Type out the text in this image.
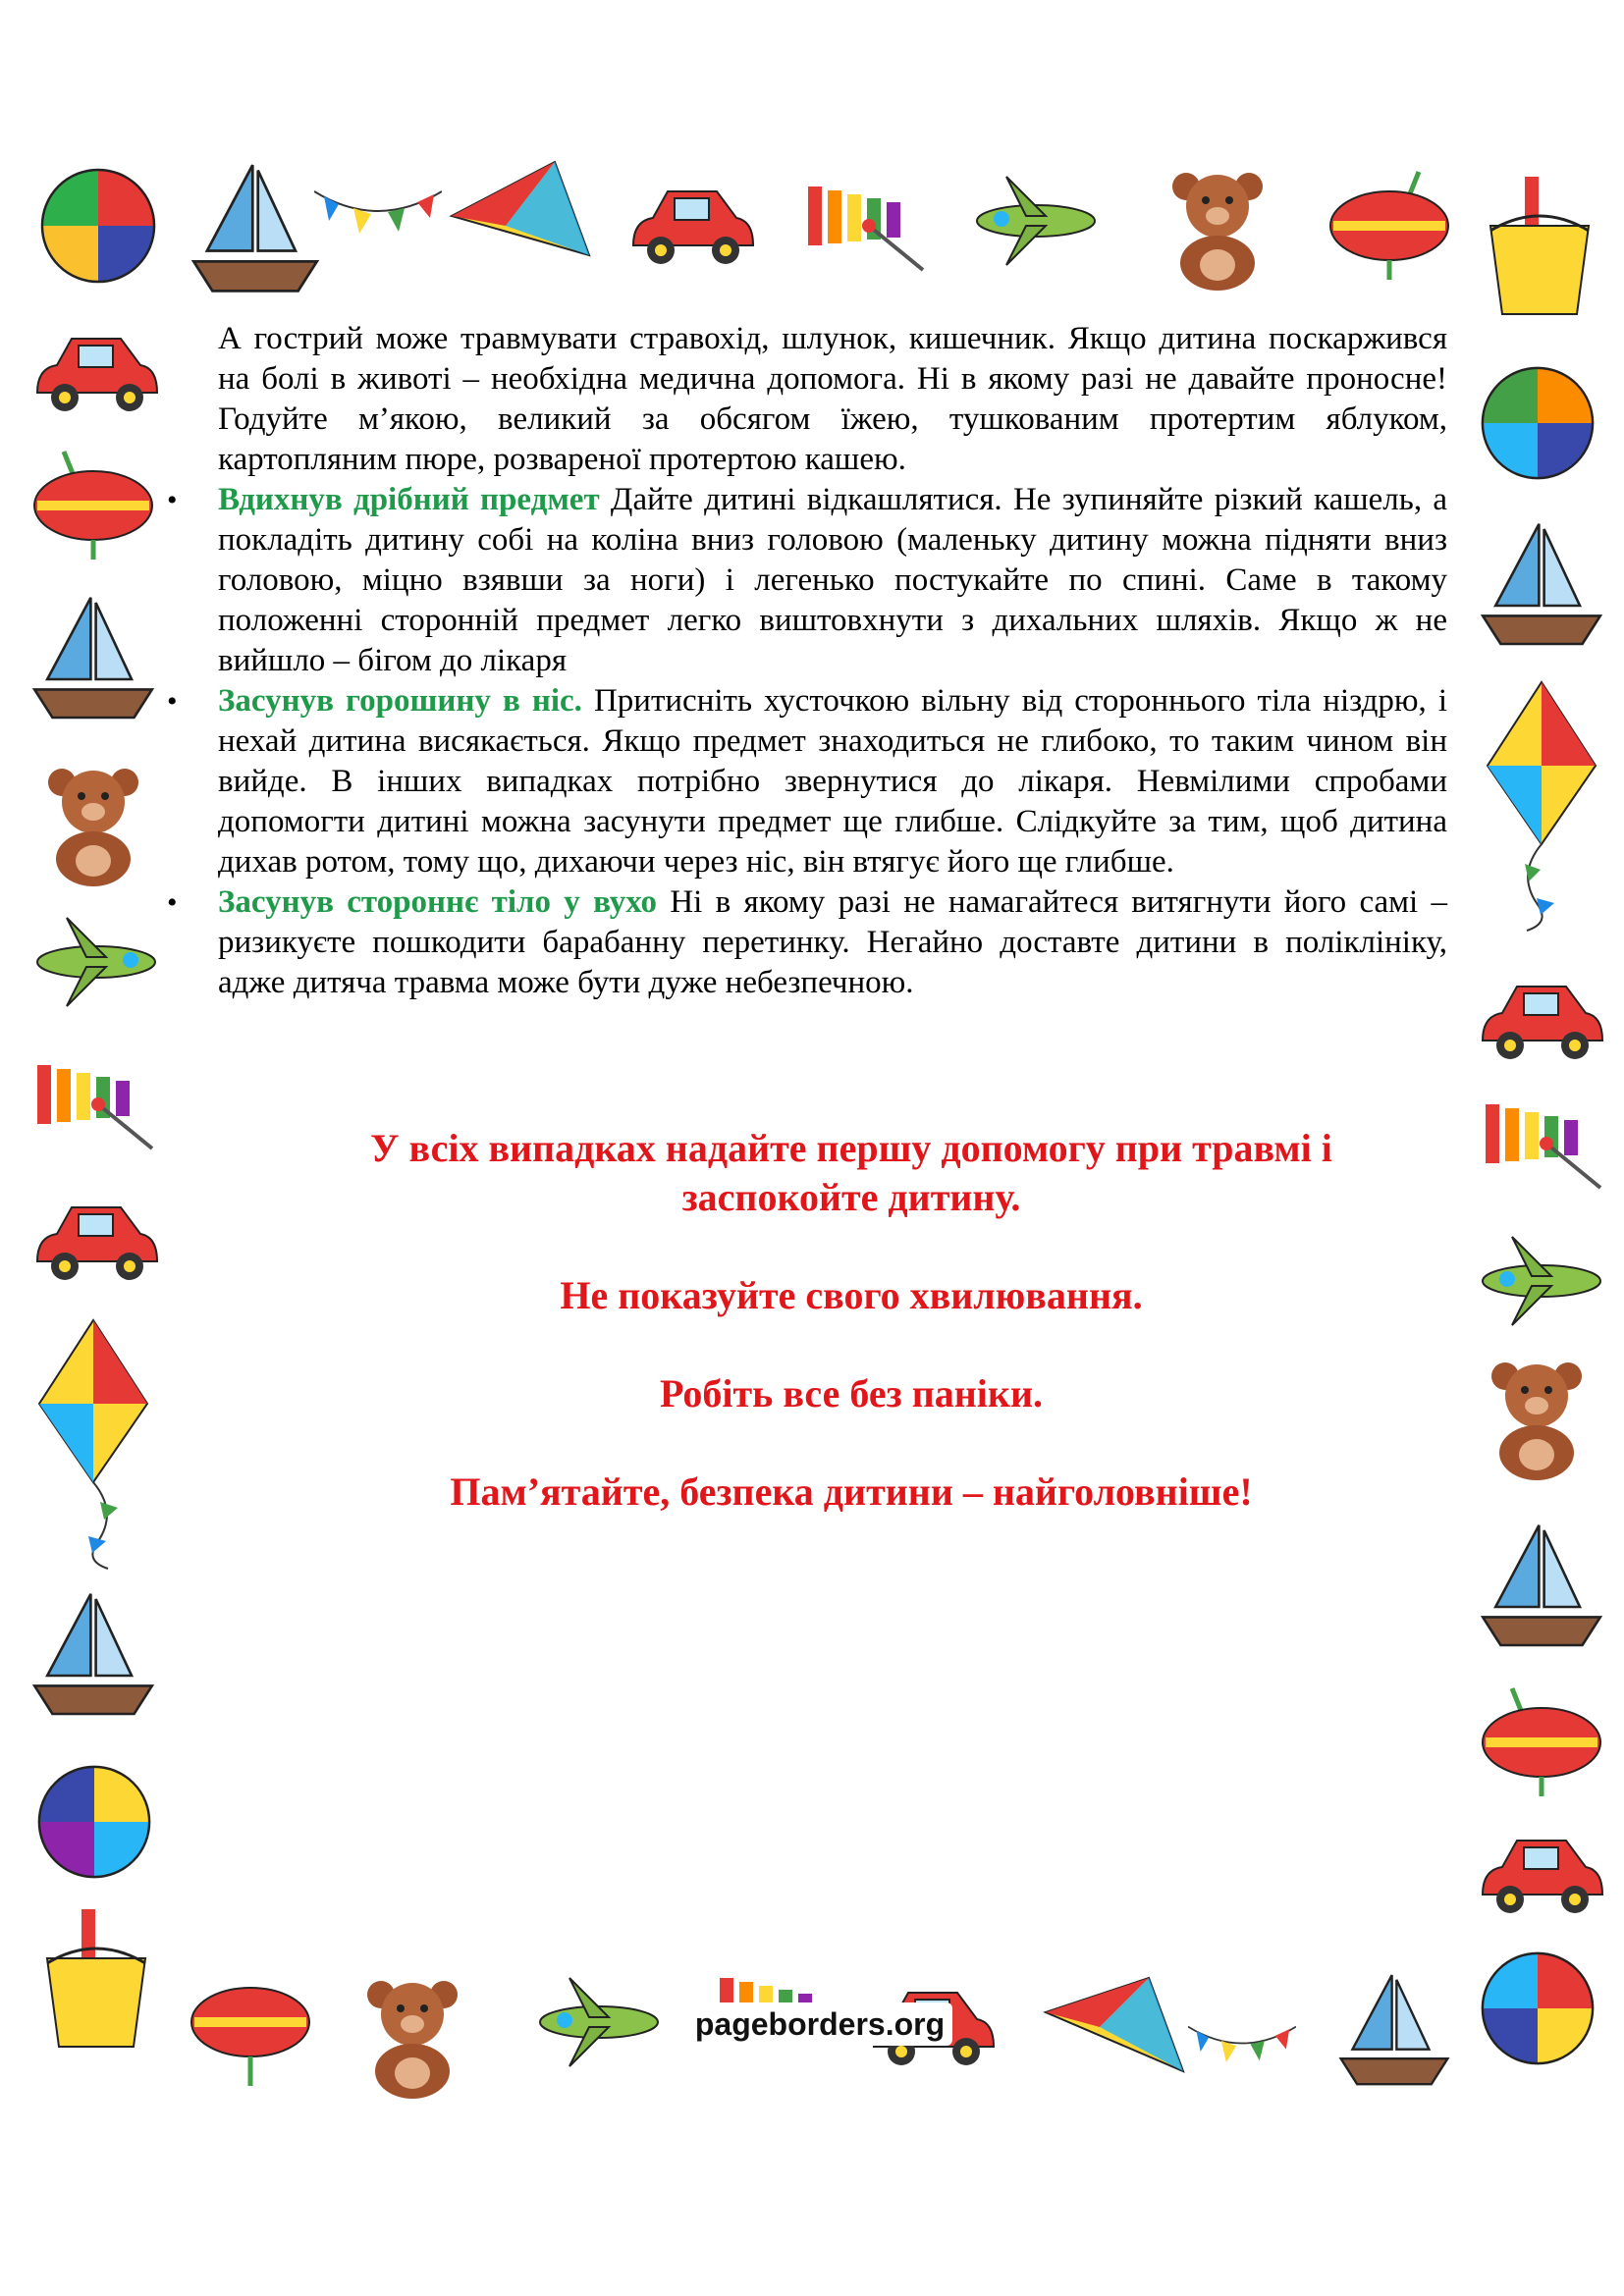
А гострий може травмувати стравохід, шлунок, кишечник. Якщо дитина поскаржився на болі в животі – необхідна медична допомога. Ні в якому разі не давайте проносне! Годуйте м’якою, великий за обсягом їжею, тушкованим протертим яблуком, картопляним пюре, розвареної протертою кашею.

• Вдихнув дрібний предмет Дайте дитині відкашлятися. Не зупиняйте різкий кашель, а покладіть дитину собі на коліна вниз головою (маленьку дитину можна підняти вниз головою, міцно взявши за ноги) і легенько постукайте по спині. Саме в такому положенні сторонній предмет легко виштовхнути з дихальних шляхів. Якщо ж не вийшло – бігом до лікаря
• Засунув горошину в ніс. Притисніть хусточкою вільну від стороннього тіла ніздрю, і нехай дитина висякається. Якщо предмет знаходиться не глибоко, то таким чином він вийде. В інших випадках потрібно звернутися до лікаря. Невмілими спробами допомогти дитині можна засунути предмет ще глибше. Слідкуйте за тим, щоб дитина дихав ротом, тому що, дихаючи через ніс, він втягує його ще глибше.
• Засунув стороннє тіло у вухо Ні в якому разі не намагайтеся витягнути його самі – ризикуєте пошкодити барабанну перетинку. Негайно доставте дитини в поліклініку, адже дитяча травма може бути дуже небезпечною.

У всіх випадках надайте першу допомогу при травмі і заспокойте дитину.

Не показуйте свого хвилювання.

Робіть все без паніки.

Пам’ятайте, безпека дитини – найголовніше!

pageborders.org
